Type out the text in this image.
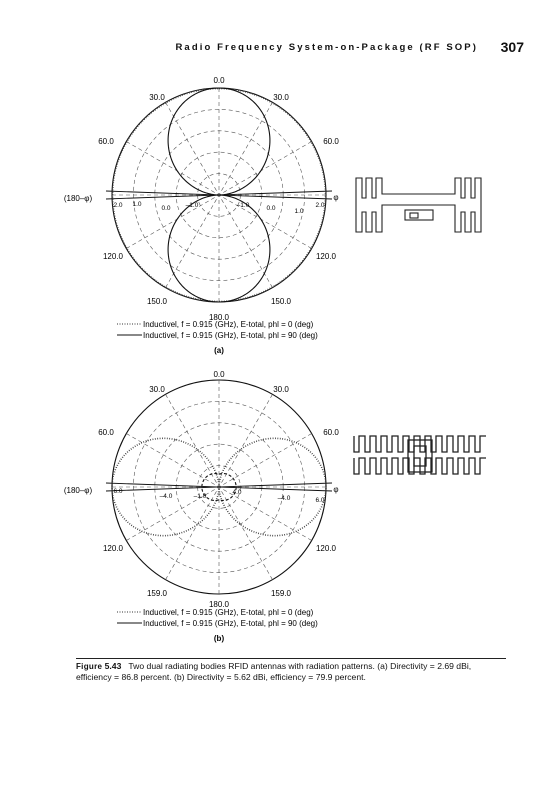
Radio Frequency System-on-Package (RF SOP) 307
0.0
30.0	30.0
60.0	60.0
(180–φ)	φ
120.0	120.0
150.0	150.0
180.0
2.0 1.0
0.0 –1.0	–1.0	0.0	1.0
2.0
Inductivel, f = 0.915 (GHz), E-total, phl = 0 (deg)
Inductivel, f = 0.915 (GHz), E-total, phl = 90 (deg)
(a)
0.0
30.0	30.0
60.0	60.0
(180–φ)	φ
120.0	120.0
159.0	159.0
180.0
6.0
–4.0	–1.0
4.0
–4.0	6.0
Inductivel, f = 0.915 (GHz), E-total, phl = 0 (deg)
Inductivel, f = 0.915 (GHz), E-total, phl = 90 (deg)
(b)
Figure 5.43 Two dual radiating bodies RFID antennas with radiation patterns. (a) Directivity = 2.69 dBi, efficiency = 86.8 percent. (b) Directivity = 5.62 dBi, efficiency = 79.9 percent.
